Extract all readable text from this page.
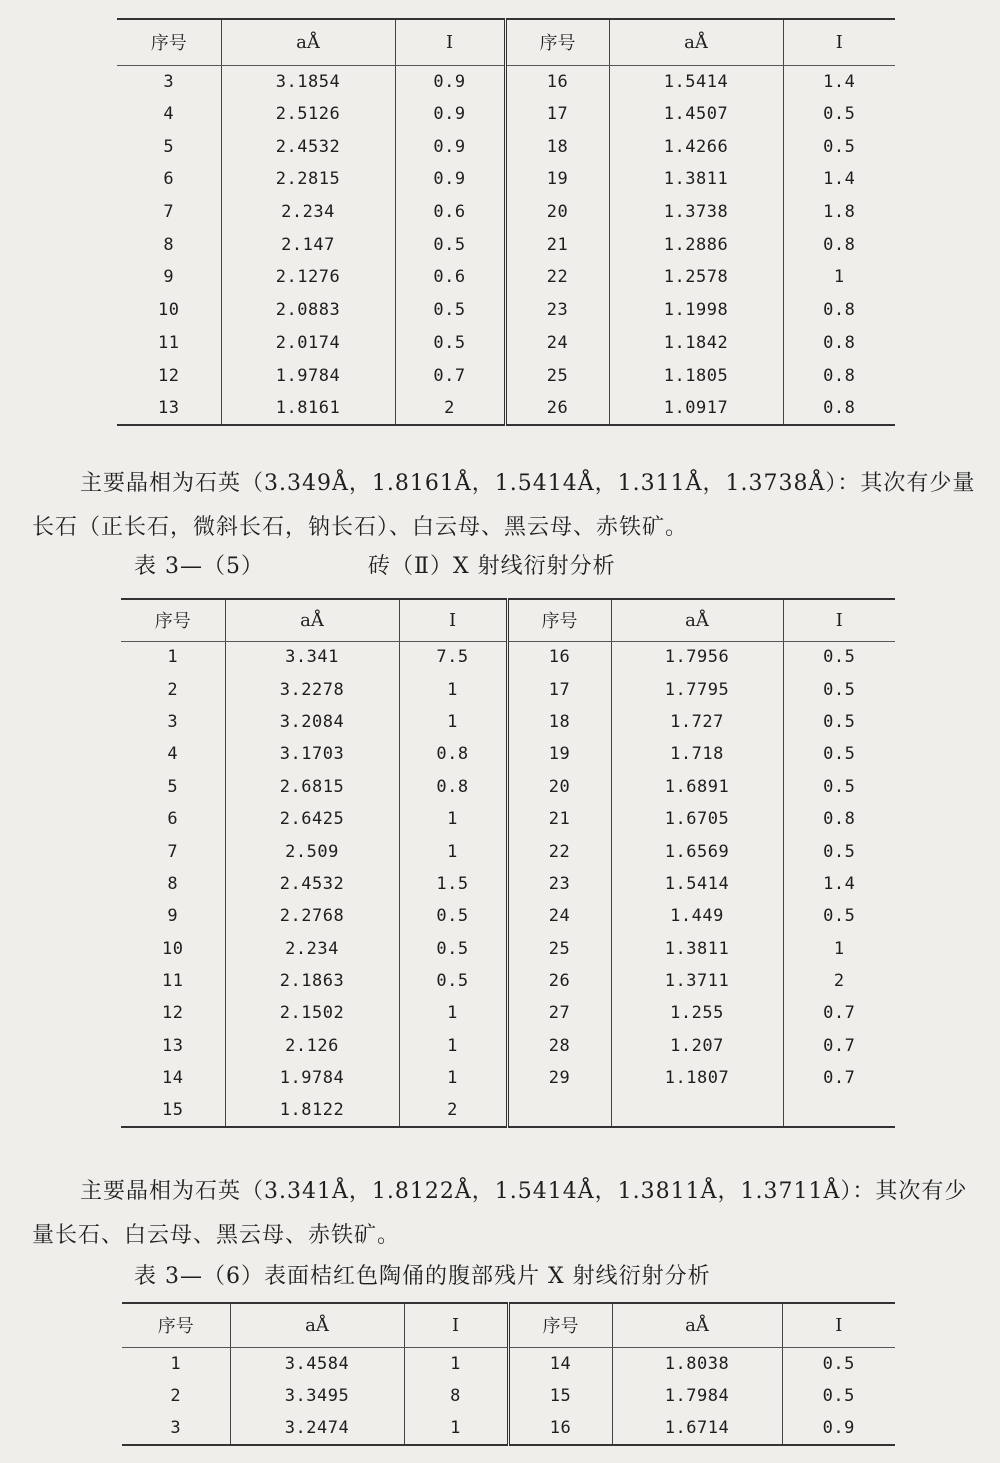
序号	aÅ	I	序号	aÅ	I
3	3.1854	0.9	16	1.5414	1.4
4	2.5126	0.9	17	1.4507	0.5
5	2.4532	0.9	18	1.4266	0.5
6	2.2815	0.9	19	1.3811	1.4
7	2.234	0.6	20	1.3738	1.8
8	2.147	0.5	21	1.2886	0.8
9	2.1276	0.6	22	1.2578	1
10	2.0883	0.5	23	1.1998	0.8
11	2.0174	0.5	24	1.1842	0.8
12	1.9784	0.7	25	1.1805	0.8
13	1.8161	2	26	1.0917	0.8

主要晶相为石英（3.349Å，1.8161Å，1.5414Å，1.311Å，1.3738Å）：其次有少量长石（正长石，微斜长石，钠长石）、白云母、黑云母、赤铁矿。

表 3—（5）	砖（Ⅱ）X 射线衍射分析
序号	aÅ	I	序号	aÅ	I
1	3.341	7.5	16	1.7956	0.5
2	3.2278	1	17	1.7795	0.5
3	3.2084	1	18	1.727	0.5
4	3.1703	0.8	19	1.718	0.5
5	2.6815	0.8	20	1.6891	0.5
6	2.6425	1	21	1.6705	0.8
7	2.509	1	22	1.6569	0.5
8	2.4532	1.5	23	1.5414	1.4
9	2.2768	0.5	24	1.449	0.5
10	2.234	0.5	25	1.3811	1
11	2.1863	0.5	26	1.3711	2
12	2.1502	1	27	1.255	0.7
13	2.126	1	28	1.207	0.7
14	1.9784	1	29	1.1807	0.7
15	1.8122	2			

主要晶相为石英（3.341Å，1.8122Å，1.5414Å，1.3811Å，1.3711Å）：其次有少量长石、白云母、黑云母、赤铁矿。

表 3—（6）表面桔红色陶俑的腹部残片 X 射线衍射分析
序号	aÅ	I	序号	aÅ	I
1	3.4584	1	14	1.8038	0.5
2	3.3495	8	15	1.7984	0.5
3	3.2474	1	16	1.6714	0.9
